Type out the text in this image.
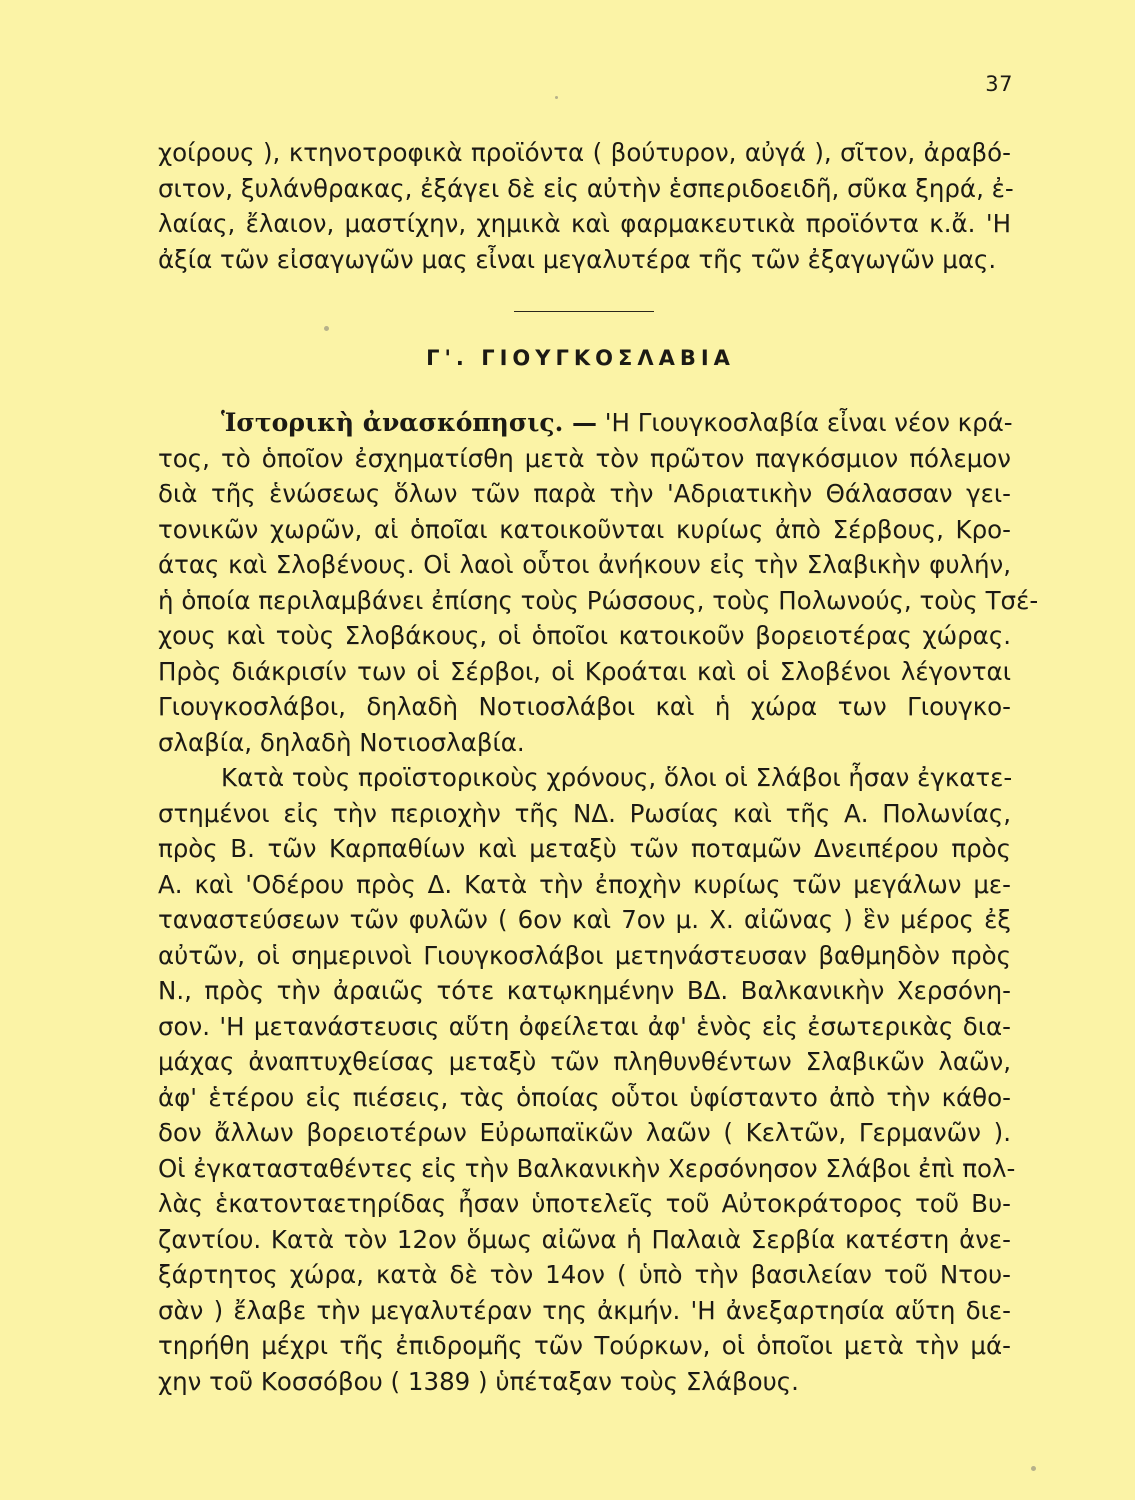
37
χοίρους ), κτηνοτροφικὰ προϊόντα ( βούτυρον, αὐγά ), σῖτον, ἀραβό-
σιτον, ξυλάνθρακας, ἐξάγει δὲ εἰς αὐτὴν ἑσπεριδοειδῆ, σῦκα ξηρά, ἐ-
λαίας, ἔλαιον, μαστίχην, χημικὰ καὶ φαρμακευτικὰ προϊόντα κ.ἄ. 'Η
ἀξία τῶν εἰσαγωγῶν μας εἶναι μεγαλυτέρα τῆς τῶν ἐξαγωγῶν μας.
Γ'. ΓΙΟΥΓΚΟΣΛΑΒΙΑ
Ἱστορικὴ ἀνασκόπησις. — 'Η Γιουγκοσλαβία εἶναι νέον κρά-
τος, τὸ ὁποῖον ἐσχηματίσθη μετὰ τὸν πρῶτον παγκόσμιον πόλεμον
διὰ τῆς ἑνώσεως ὅλων τῶν παρὰ τὴν 'Αδριατικὴν Θάλασσαν γει-
τονικῶν χωρῶν, αἱ ὁποῖαι κατοικοῦνται κυρίως ἀπὸ Σέρβους, Κρο-
άτας καὶ Σλοβένους. Οἱ λαοὶ οὗτοι ἀνήκουν εἰς τὴν Σλαβικὴν φυλήν,
ἡ ὁποία περιλαμβάνει ἐπίσης τοὺς Ρώσσους, τοὺς Πολωνούς, τοὺς Τσέ-
χους καὶ τοὺς Σλοβάκους, οἱ ὁποῖοι κατοικοῦν βορειοτέρας χώρας.
Πρὸς διάκρισίν των οἱ Σέρβοι, οἱ Κροάται καὶ οἱ Σλοβένοι λέγονται
Γιουγκοσλάβοι, δηλαδὴ Νοτιοσλάβοι καὶ ἡ χώρα των Γιουγκο-
σλαβία, δηλαδὴ Νοτιοσλαβία.
Κατὰ τοὺς προϊστορικοὺς χρόνους, ὅλοι οἱ Σλάβοι ἦσαν ἐγκατε-
στημένοι εἰς τὴν περιοχὴν τῆς ΝΔ. Ρωσίας καὶ τῆς Α. Πολωνίας,
πρὸς Β. τῶν Καρπαθίων καὶ μεταξὺ τῶν ποταμῶν Δνειπέρου πρὸς
Α. καὶ 'Οδέρου πρὸς Δ. Κατὰ τὴν ἐποχὴν κυρίως τῶν μεγάλων με-
ταναστεύσεων τῶν φυλῶν ( 6ον καὶ 7ον μ. Χ. αἰῶνας ) ἓν μέρος ἐξ
αὐτῶν, οἱ σημερινοὶ Γιουγκοσλάβοι μετηνάστευσαν βαθμηδὸν πρὸς
Ν., πρὸς τὴν ἀραιῶς τότε κατῳκημένην ΒΔ. Βαλκανικὴν Χερσόνη-
σον. 'Η μετανάστευσις αὕτη ὀφείλεται ἀφ' ἑνὸς εἰς ἐσωτερικὰς δια-
μάχας ἀναπτυχθείσας μεταξὺ τῶν πληθυνθέντων Σλαβικῶν λαῶν,
ἀφ' ἑτέρου εἰς πιέσεις, τὰς ὁποίας οὗτοι ὑφίσταντο ἀπὸ τὴν κάθο-
δον ἄλλων βορειοτέρων Εὐρωπαϊκῶν λαῶν ( Κελτῶν, Γερμανῶν ).
Οἱ ἐγκατασταθέντες εἰς τὴν Βαλκανικὴν Χερσόνησον Σλάβοι ἐπὶ πολ-
λὰς ἑκατονταετηρίδας ἦσαν ὑποτελεῖς τοῦ Αὐτοκράτορος τοῦ Βυ-
ζαντίου. Κατὰ τὸν 12ον ὅμως αἰῶνα ἡ Παλαιὰ Σερβία κατέστη ἀνε-
ξάρτητος χώρα, κατὰ δὲ τὸν 14ον ( ὑπὸ τὴν βασιλείαν τοῦ Ντου-
σὰν ) ἔλαβε τὴν μεγαλυτέραν της ἀκμήν. 'Η ἀνεξαρτησία αὕτη διε-
τηρήθη μέχρι τῆς ἐπιδρομῆς τῶν Τούρκων, οἱ ὁποῖοι μετὰ τὴν μά-
χην τοῦ Κοσσόβου ( 1389 ) ὑπέταξαν τοὺς Σλάβους.
